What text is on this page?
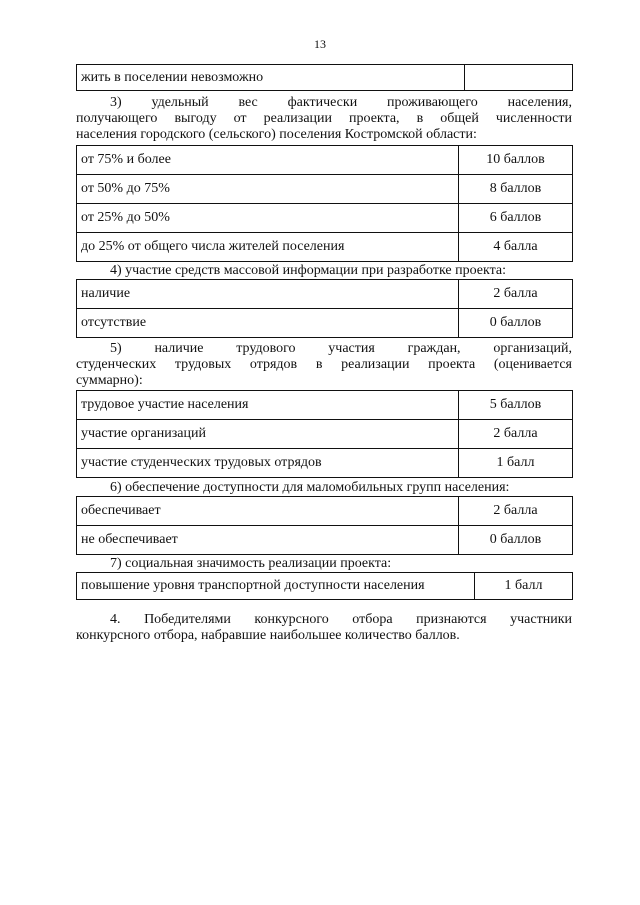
13
жить в поселении невозможно	
3) удельный вес фактически проживающего населения,
получающего выгоду от реализации проекта, в общей численности
населения городского (сельского) поселения Костромской области:
от 75% и более	10 баллов
от 50% до 75%	8 баллов
от 25% до 50%	6 баллов
до 25% от общего числа жителей поселения	4 балла
4) участие средств массовой информации при разработке проекта:
наличие	2 балла
отсутствие	0 баллов
5) наличие трудового участия граждан, организаций,
студенческих трудовых отрядов в реализации проекта (оценивается
суммарно):
трудовое участие населения	5 баллов
участие организаций	2 балла
участие студенческих трудовых отрядов	1 балл
6) обеспечение доступности для маломобильных групп населения:
обеспечивает	2 балла
не обеспечивает	0 баллов
7) социальная значимость реализации проекта:
повышение уровня транспортной доступности населения	1 балл
4. Победителями конкурсного отбора признаются участники
конкурсного отбора, набравшие наибольшее количество баллов.
